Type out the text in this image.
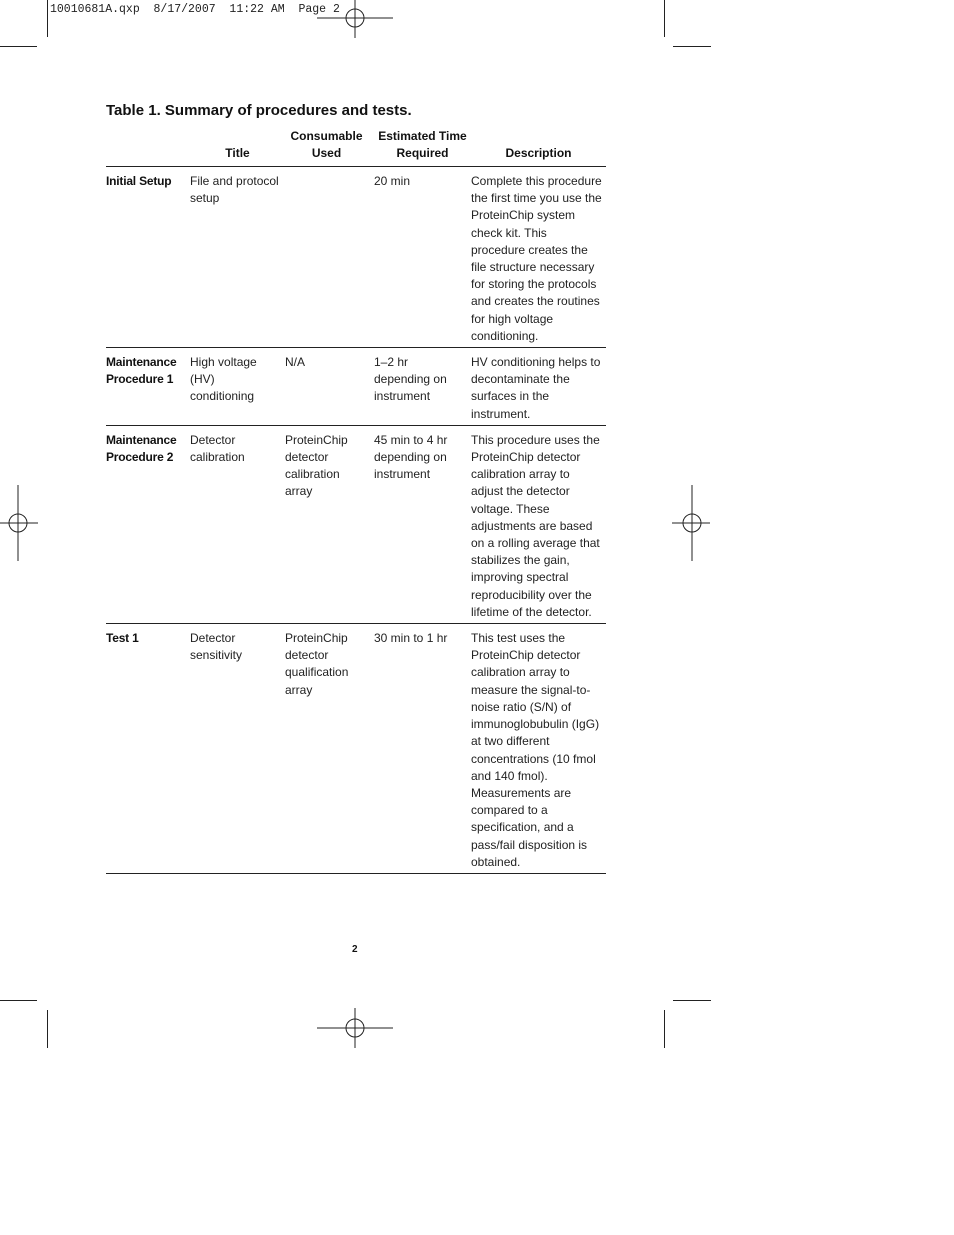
10010681A.qxp  8/17/2007  11:22 AM  Page 2
Table 1. Summary of procedures and tests.
	Title	Consumable Used	Estimated Time Required	Description
Initial Setup	File and protocol setup		20 min	Complete this procedure the first time you use the ProteinChip system check kit. This procedure creates the file structure necessary for storing the protocols and creates the routines for high voltage conditioning.
Maintenance Procedure 1	High voltage (HV) conditioning	N/A	1–2 hr depending on instrument	HV conditioning helps to decontaminate the surfaces in the instrument.
Maintenance Procedure 2	Detector calibration	ProteinChip detector calibration array	45 min to 4 hr depending on instrument	This procedure uses the ProteinChip detector calibration array to adjust the detector voltage. These adjustments are based on a rolling average that stabilizes the gain, improving spectral reproducibility over the lifetime of the detector.
Test 1	Detector sensitivity	ProteinChip detector qualification array	30 min to 1 hr	This test uses the ProteinChip detector calibration array to measure the signal-to-noise ratio (S/N) of immunoglobubulin (IgG) at two different concentrations (10 fmol and 140 fmol). Measurements are compared to a specification, and a pass/fail disposition is obtained.
2
